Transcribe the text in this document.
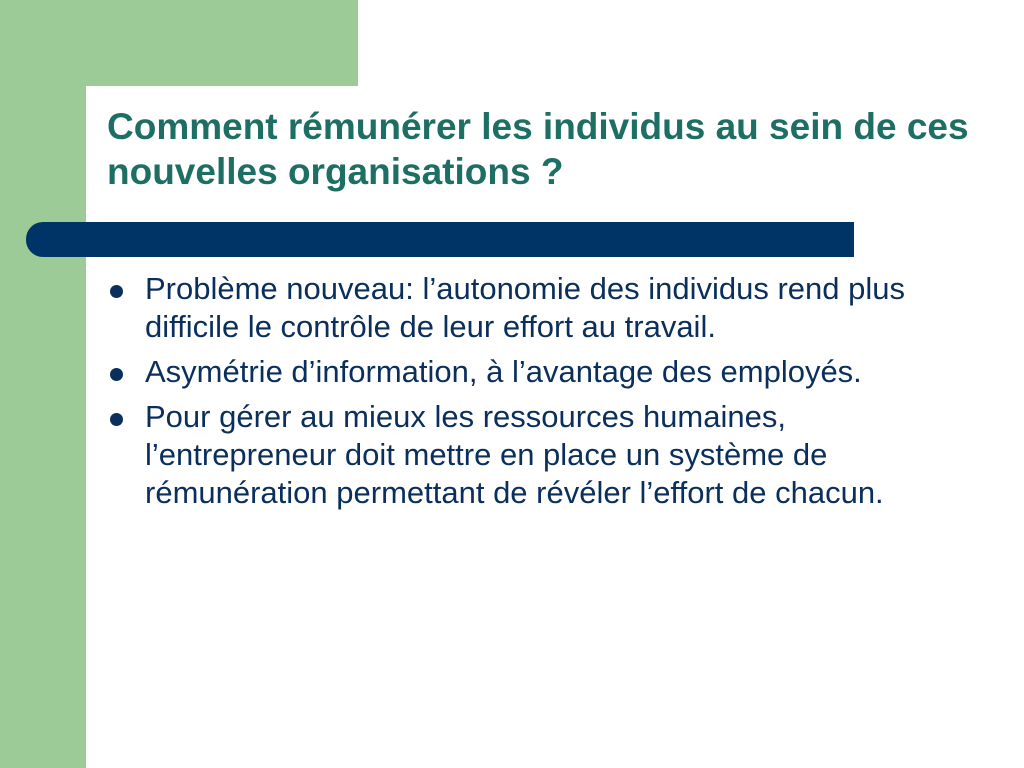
Comment rémunérer les individus au sein de ces nouvelles organisations ?
Problème nouveau: l’autonomie des individus rend plus difficile le contrôle de leur effort au travail.
Asymétrie d’information, à l’avantage des employés.
Pour gérer au mieux les ressources humaines, l’entrepreneur doit mettre en place un système de rémunération permettant de révéler l’effort de chacun.
